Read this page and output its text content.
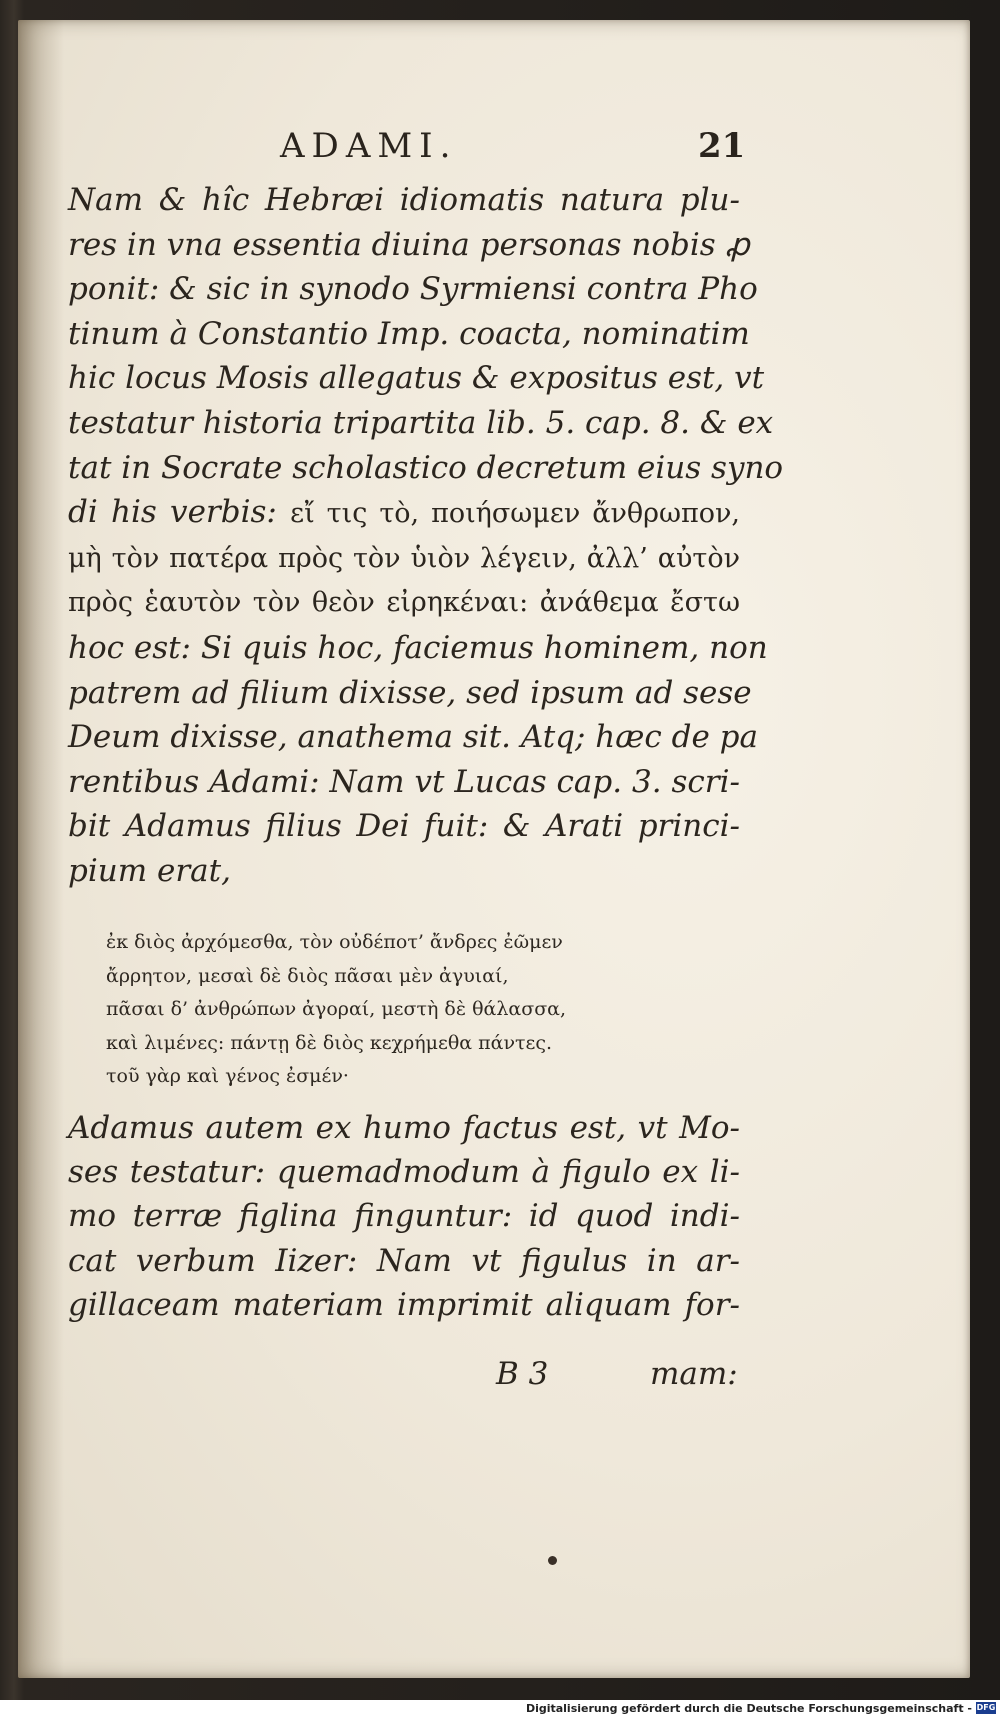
ADAMI.	21
Nam & hîc Hebræi idiomatis natura plu-
res in vna essentia diuina personas nobis ꝓ
ponit: & sic in synodo Syrmiensi contra Pho
tinum à Constantio Imp. coacta, nominatim
hic locus Mosis allegatus & expositus est, vt
testatur historia tripartita lib. 5. cap. 8. & ex
tat in Socrate scholastico decretum eius syno
di his verbis: εἴ τις τὸ, ποιήσωμεν ἄνθρωπον,
μὴ τὸν πατέρα πρὸς τὸν ὑιὸν λέγειν, ἀλλ’ αὐτὸν
πρὸς ἑαυτὸν τὸν θεὸν εἰρηκέναι: ἀνάθεμα ἔστω
hoc est: Si quis hoc, faciemus hominem, non
patrem ad filium dixisse, sed ipsum ad sese
Deum dixisse, anathema sit. Atq; hæc de pa
rentibus Adami: Nam vt Lucas cap. 3. scri-
bit Adamus filius Dei fuit: & Arati princi-
pium erat,
ἐκ διὸς ἀρχόμεσθα, τὸν οὐδέποτ’ ἄνδρες ἐῶμεν
ἄρρητον, μεσαὶ δὲ διὸς πᾶσαι μὲν ἀγυιαί,
πᾶσαι δ’ ἀνθρώπων ἀγοραί, μεστὴ δὲ θάλασσα,
καὶ λιμένες: πάντῃ δὲ διὸς κεχρήμεθα πάντες.
τοῦ γὰρ καὶ γένος ἐσμέν·
Adamus autem ex humo factus est, vt Mo-
ses testatur: quemadmodum à figulo ex li-
mo terræ figlina finguntur: id quod indi-
cat verbum Iizer: Nam vt figulus in ar-
gillaceam materiam imprimit aliquam for-
B 3	mam:
Digitalisierung gefördert durch die Deutsche Forschungsgemeinschaft - DFG
